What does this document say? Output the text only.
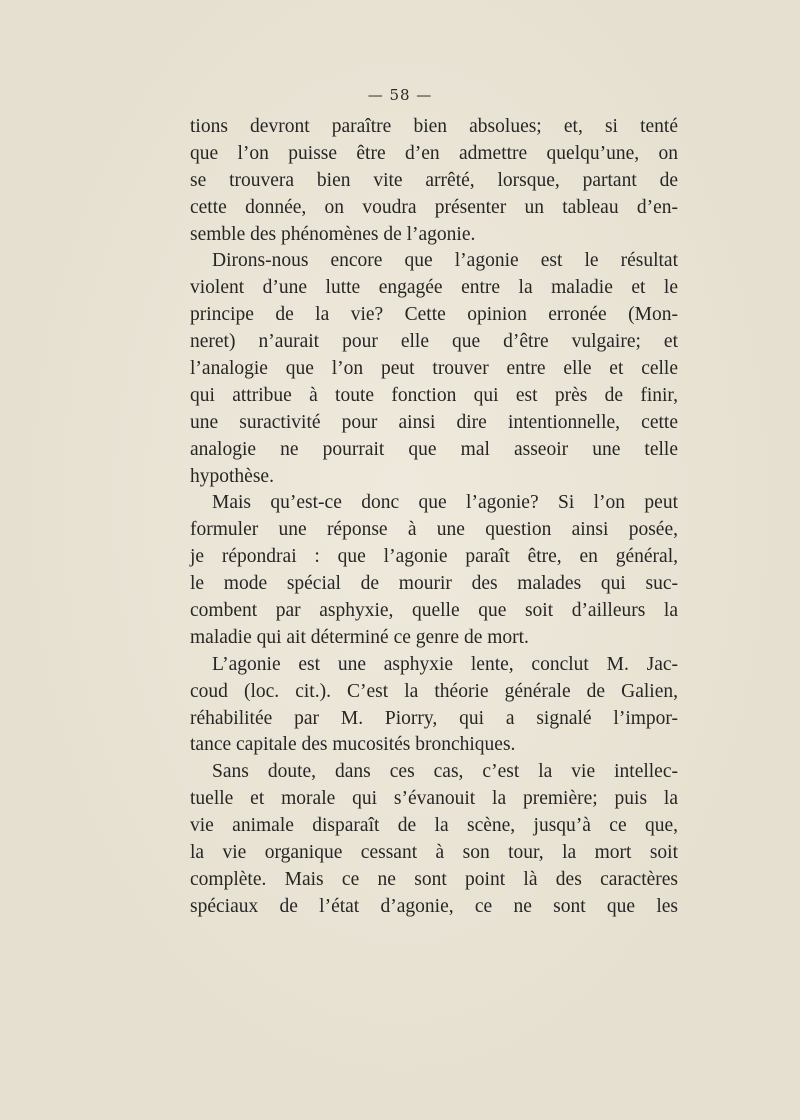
— 58 —
tions devront paraître bien absolues; et, si tenté
que l’on puisse être d’en admettre quelqu’une, on
se trouvera bien vite arrêté, lorsque, partant de
cette donnée, on voudra présenter un tableau d’en-
semble des phénomènes de l’agonie.
Dirons-nous encore que l’agonie est le résultat
violent d’une lutte engagée entre la maladie et le
principe de la vie? Cette opinion erronée (Mon-
neret) n’aurait pour elle que d’être vulgaire; et
l’analogie que l’on peut trouver entre elle et celle
qui attribue à toute fonction qui est près de finir,
une suractivité pour ainsi dire intentionnelle, cette
analogie ne pourrait que mal asseoir une telle
hypothèse.
Mais qu’est-ce donc que l’agonie? Si l’on peut
formuler une réponse à une question ainsi posée,
je répondrai : que l’agonie paraît être, en général,
le mode spécial de mourir des malades qui suc-
combent par asphyxie, quelle que soit d’ailleurs la
maladie qui ait déterminé ce genre de mort.
L’agonie est une asphyxie lente, conclut M. Jac-
coud (loc. cit.). C’est la théorie générale de Galien,
réhabilitée par M. Piorry, qui a signalé l’impor-
tance capitale des mucosités bronchiques.
Sans doute, dans ces cas, c’est la vie intellec-
tuelle et morale qui s’évanouit la première; puis la
vie animale disparaît de la scène, jusqu’à ce que,
la vie organique cessant à son tour, la mort soit
complète. Mais ce ne sont point là des caractères
spéciaux de l’état d’agonie, ce ne sont que les
